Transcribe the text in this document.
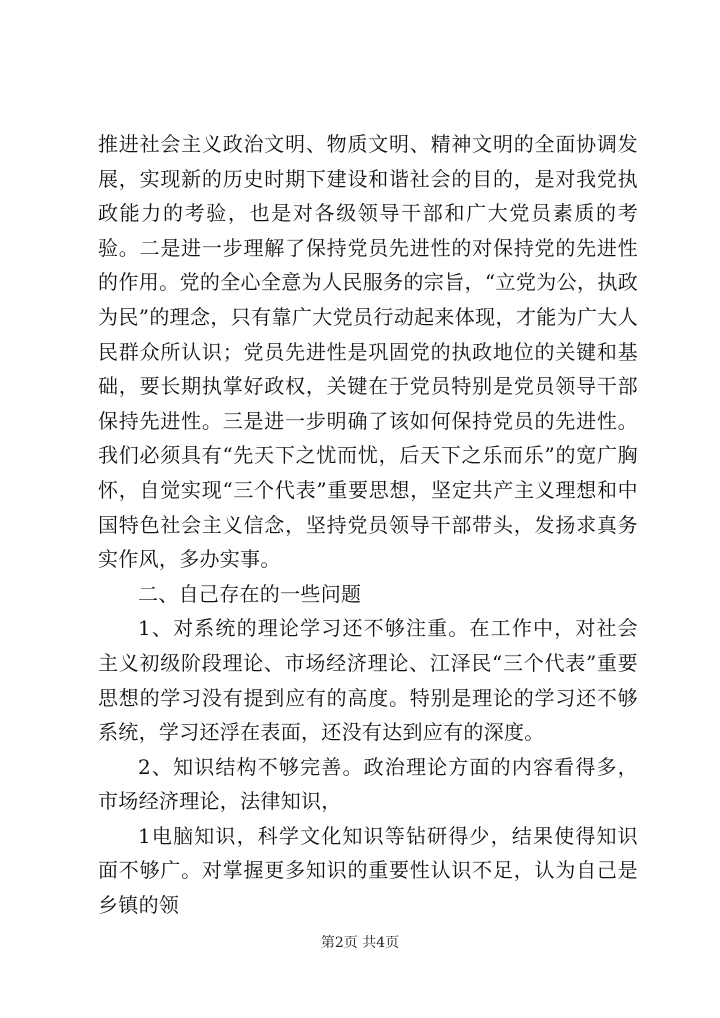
推进社会主义政治文明、物质文明、精神文明的全面协调发展，实现新的历史时期下建设和谐社会的目的，是对我党执政能力的考验，也是对各级领导干部和广大党员素质的考验。二是进一步理解了保持党员先进性的对保持党的先进性的作用。党的全心全意为人民服务的宗旨，“立党为公，执政为民”的理念，只有靠广大党员行动起来体现，才能为广大人民群众所认识；党员先进性是巩固党的执政地位的关键和基础，要长期执掌好政权，关键在于党员特别是党员领导干部保持先进性。三是进一步明确了该如何保持党员的先进性。我们必须具有“先天下之忧而忧，后天下之乐而乐”的宽广胸怀，自觉实现“三个代表”重要思想，坚定共产主义理想和中国特色社会主义信念，坚持党员领导干部带头，发扬求真务实作风，多办实事。

二、自己存在的一些问题

1、对系统的理论学习还不够注重。在工作中，对社会主义初级阶段理论、市场经济理论、江泽民“三个代表”重要思想的学习没有提到应有的高度。特别是理论的学习还不够系统，学习还浮在表面，还没有达到应有的深度。

2、知识结构不够完善。政治理论方面的内容看得多，市场经济理论，法律知识，

1电脑知识，科学文化知识等钻研得少，结果使得知识面不够广。对掌握更多知识的重要性认识不足，认为自己是乡镇的领

第2页 共4页
